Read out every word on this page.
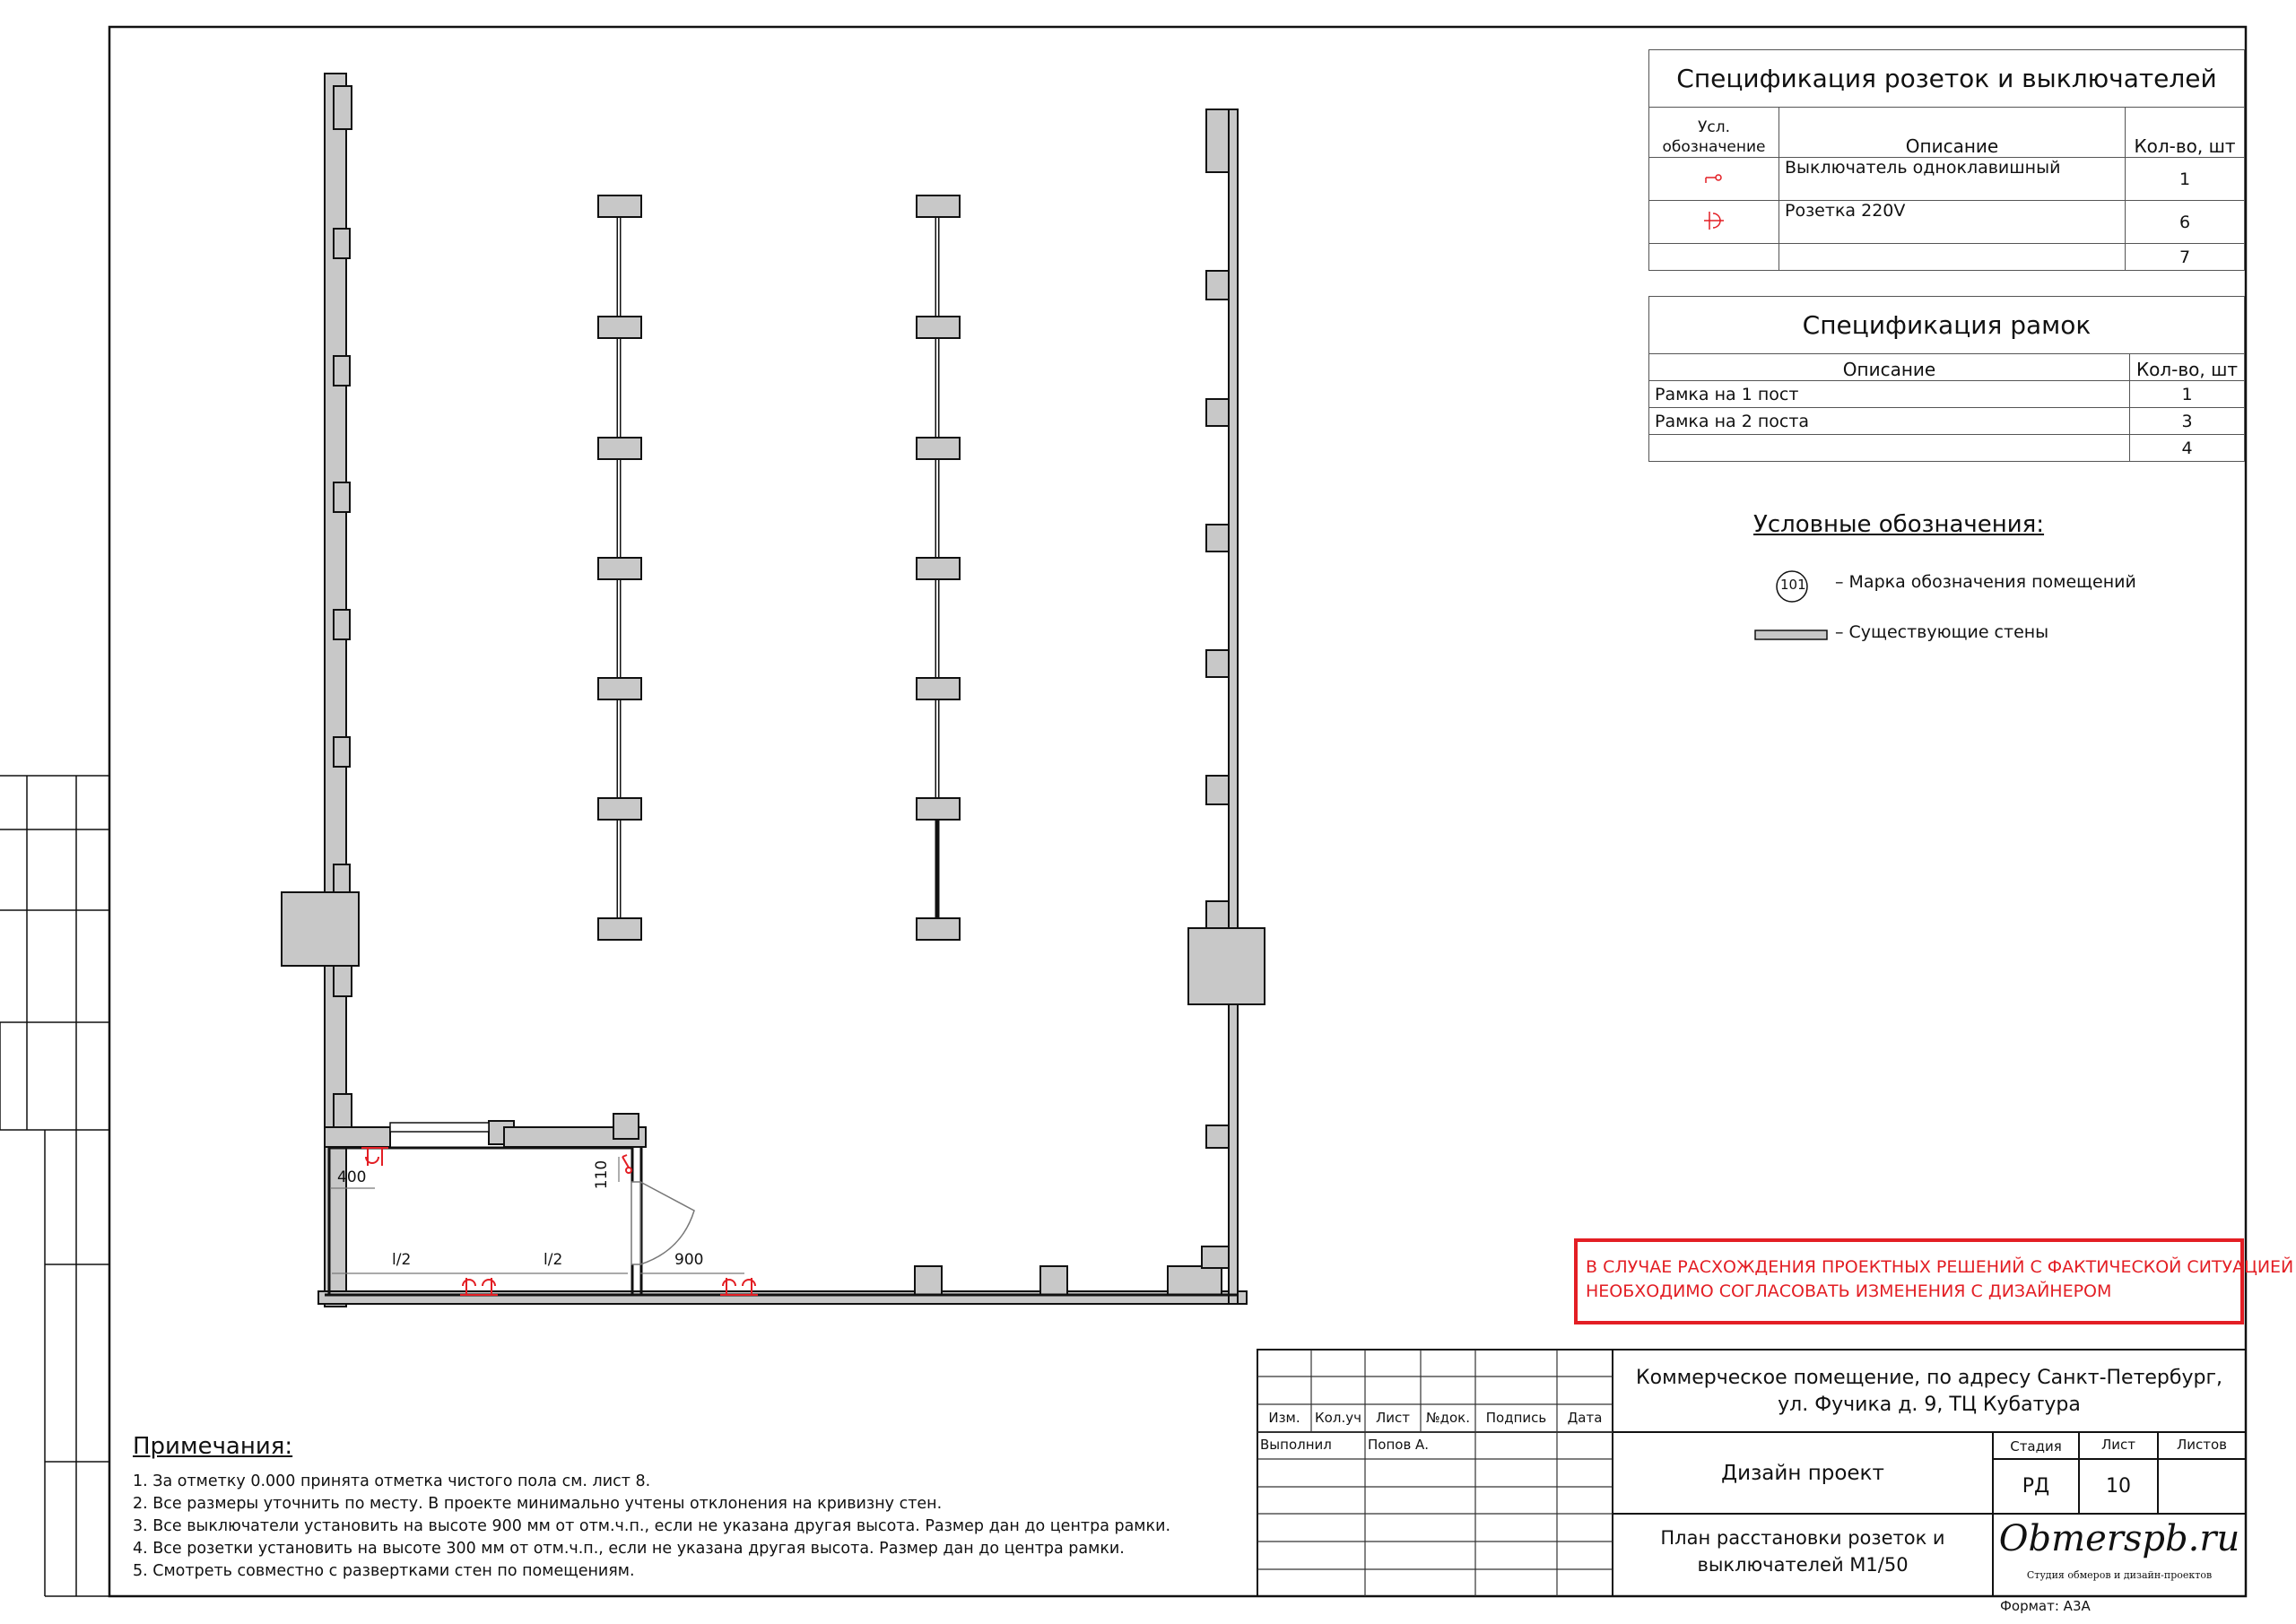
Спецификация розеток и выключателей		
Усл. обозначение	Описание	Кол-во, шт
	Выключатель одноклавишный	1
	Розетка 220V	6
		7
Спецификация рамок	
Описание	Кол-во, шт
Рамка на 1 пост	1
Рамка на 2 поста	3
	4
Условные обозначения:
101 – Марка обозначения помещений
– Существующие стены
В СЛУЧАЕ РАСХОЖДЕНИЯ ПРОЕКТНЫХ РЕШЕНИЙ С ФАКТИЧЕСКОЙ СИТУАЦИЕЙ
НЕОБХОДИМО СОГЛАСОВАТЬ ИЗМЕНЕНИЯ С ДИЗАЙНЕРОМ
400	110
l/2	l/2	900
Примечания:
1. За отметку 0.000 принята отметка чистого пола см. лист 8.
2. Все размеры уточнить по месту. В проекте минимально учтены отклонения на кривизну стен.
3. Все выключатели установить на высоте 900 мм от отм.ч.п., если не указана другая высота. Размер дан до центра рамки.
4. Все розетки установить на высоте 300 мм от отм.ч.п., если не указана другая высота. Размер дан до центра рамки.
5. Смотреть совместно с развертками стен по помещениям.
Коммерческое помещение, по адресу Санкт-Петербург,
ул. Фучика д. 9, ТЦ Кубатура
Изм.	Кол.уч	Лист	№док.	Подпись	Дата
Выполнил	Попов А.
Дизайн проект
Стадия	Лист	Листов
РД	10
План расстановки розеток и
выключателей М1/50
Obmerspb.ru
Студия обмеров и дизайн-проектов
Формат: А3А
